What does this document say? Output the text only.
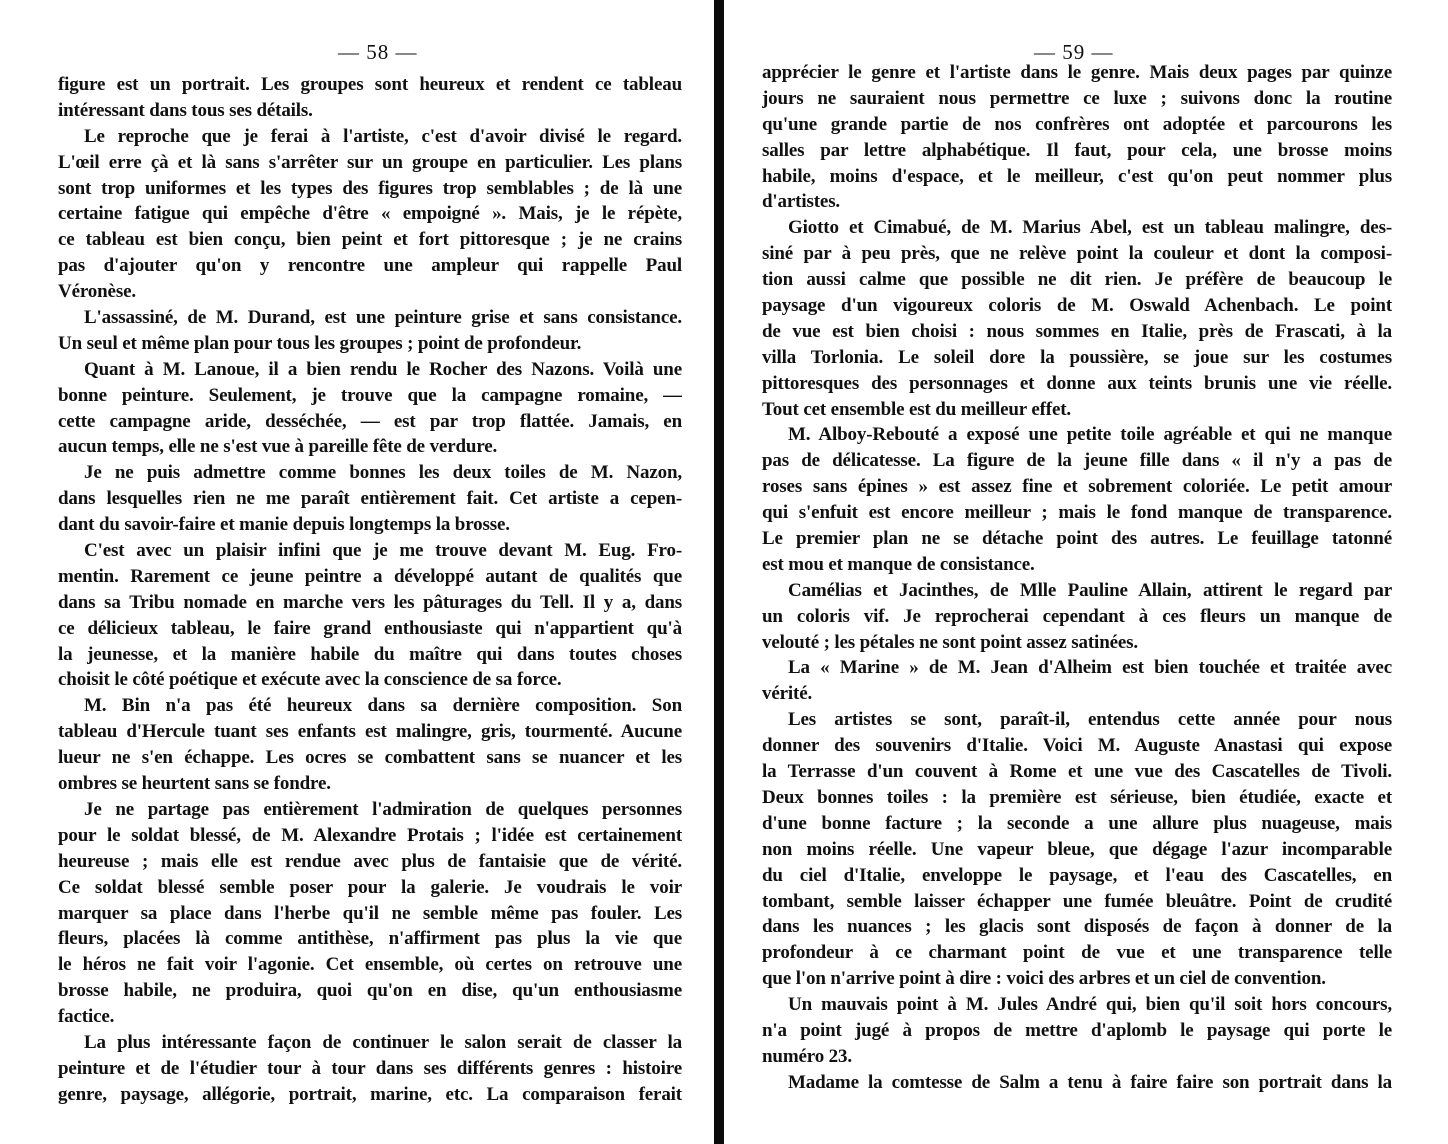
— 58 —
figure est un portrait. Les groupes sont heureux et rendent ce tableau
intéressant dans tous ses détails.
Le reproche que je ferai à l'artiste, c'est d'avoir divisé le regard.
L'œil erre çà et là sans s'arrêter sur un groupe en particulier. Les plans
sont trop uniformes et les types des figures trop semblables ; de là une
certaine fatigue qui empêche d'être « empoigné ». Mais, je le répète,
ce tableau est bien conçu, bien peint et fort pittoresque ; je ne crains
pas d'ajouter qu'on y rencontre une ampleur qui rappelle Paul
Véronèse.
L'assassiné, de M. Durand, est une peinture grise et sans consistance.
Un seul et même plan pour tous les groupes ; point de profondeur.
Quant à M. Lanoue, il a bien rendu le Rocher des Nazons. Voilà une
bonne peinture. Seulement, je trouve que la campagne romaine, —
cette campagne aride, desséchée, — est par trop flattée. Jamais, en
aucun temps, elle ne s'est vue à pareille fête de verdure.
Je ne puis admettre comme bonnes les deux toiles de M. Nazon,
dans lesquelles rien ne me paraît entièrement fait. Cet artiste a cepen-
dant du savoir-faire et manie depuis longtemps la brosse.
C'est avec un plaisir infini que je me trouve devant M. Eug. Fro-
mentin. Rarement ce jeune peintre a développé autant de qualités que
dans sa Tribu nomade en marche vers les pâturages du Tell. Il y a, dans
ce délicieux tableau, le faire grand enthousiaste qui n'appartient qu'à
la jeunesse, et la manière habile du maître qui dans toutes choses
choisit le côté poétique et exécute avec la conscience de sa force.
M. Bin n'a pas été heureux dans sa dernière composition. Son
tableau d'Hercule tuant ses enfants est malingre, gris, tourmenté. Aucune
lueur ne s'en échappe. Les ocres se combattent sans se nuancer et les
ombres se heurtent sans se fondre.
Je ne partage pas entièrement l'admiration de quelques personnes
pour le soldat blessé, de M. Alexandre Protais ; l'idée est certainement
heureuse ; mais elle est rendue avec plus de fantaisie que de vérité.
Ce soldat blessé semble poser pour la galerie. Je voudrais le voir
marquer sa place dans l'herbe qu'il ne semble même pas fouler. Les
fleurs, placées là comme antithèse, n'affirment pas plus la vie que
le héros ne fait voir l'agonie. Cet ensemble, où certes on retrouve une
brosse habile, ne produira, quoi qu'on en dise, qu'un enthousiasme
factice.
La plus intéressante façon de continuer le salon serait de classer la
peinture et de l'étudier tour à tour dans ses différents genres : histoire
genre, paysage, allégorie, portrait, marine, etc. La comparaison ferait
— 59 —
apprécier le genre et l'artiste dans le genre. Mais deux pages par quinze
jours ne sauraient nous permettre ce luxe ; suivons donc la routine
qu'une grande partie de nos confrères ont adoptée et parcourons les
salles par lettre alphabétique. Il faut, pour cela, une brosse moins
habile, moins d'espace, et le meilleur, c'est qu'on peut nommer plus
d'artistes.
Giotto et Cimabué, de M. Marius Abel, est un tableau malingre, des-
siné par à peu près, que ne relève point la couleur et dont la composi-
tion aussi calme que possible ne dit rien. Je préfère de beaucoup le
paysage d'un vigoureux coloris de M. Oswald Achenbach. Le point
de vue est bien choisi : nous sommes en Italie, près de Frascati, à la
villa Torlonia. Le soleil dore la poussière, se joue sur les costumes
pittoresques des personnages et donne aux teints brunis une vie réelle.
Tout cet ensemble est du meilleur effet.
M. Alboy-Rebouté a exposé une petite toile agréable et qui ne manque
pas de délicatesse. La figure de la jeune fille dans « il n'y a pas de
roses sans épines » est assez fine et sobrement coloriée. Le petit amour
qui s'enfuit est encore meilleur ; mais le fond manque de transparence.
Le premier plan ne se détache point des autres. Le feuillage tatonné
est mou et manque de consistance.
Camélias et Jacinthes, de Mlle Pauline Allain, attirent le regard par
un coloris vif. Je reprocherai cependant à ces fleurs un manque de
velouté ; les pétales ne sont point assez satinées.
La « Marine » de M. Jean d'Alheim est bien touchée et traitée avec
vérité.
Les artistes se sont, paraît-il, entendus cette année pour nous
donner des souvenirs d'Italie. Voici M. Auguste Anastasi qui expose
la Terrasse d'un couvent à Rome et une vue des Cascatelles de Tivoli.
Deux bonnes toiles : la première est sérieuse, bien étudiée, exacte et
d'une bonne facture ; la seconde a une allure plus nuageuse, mais
non moins réelle. Une vapeur bleue, que dégage l'azur incomparable
du ciel d'Italie, enveloppe le paysage, et l'eau des Cascatelles, en
tombant, semble laisser échapper une fumée bleuâtre. Point de crudité
dans les nuances ; les glacis sont disposés de façon à donner de la
profondeur à ce charmant point de vue et une transparence telle
que l'on n'arrive point à dire : voici des arbres et un ciel de convention.
Un mauvais point à M. Jules André qui, bien qu'il soit hors concours,
n'a point jugé à propos de mettre d'aplomb le paysage qui porte le
numéro 23.
Madame la comtesse de Salm a tenu à faire faire son portrait dans la
